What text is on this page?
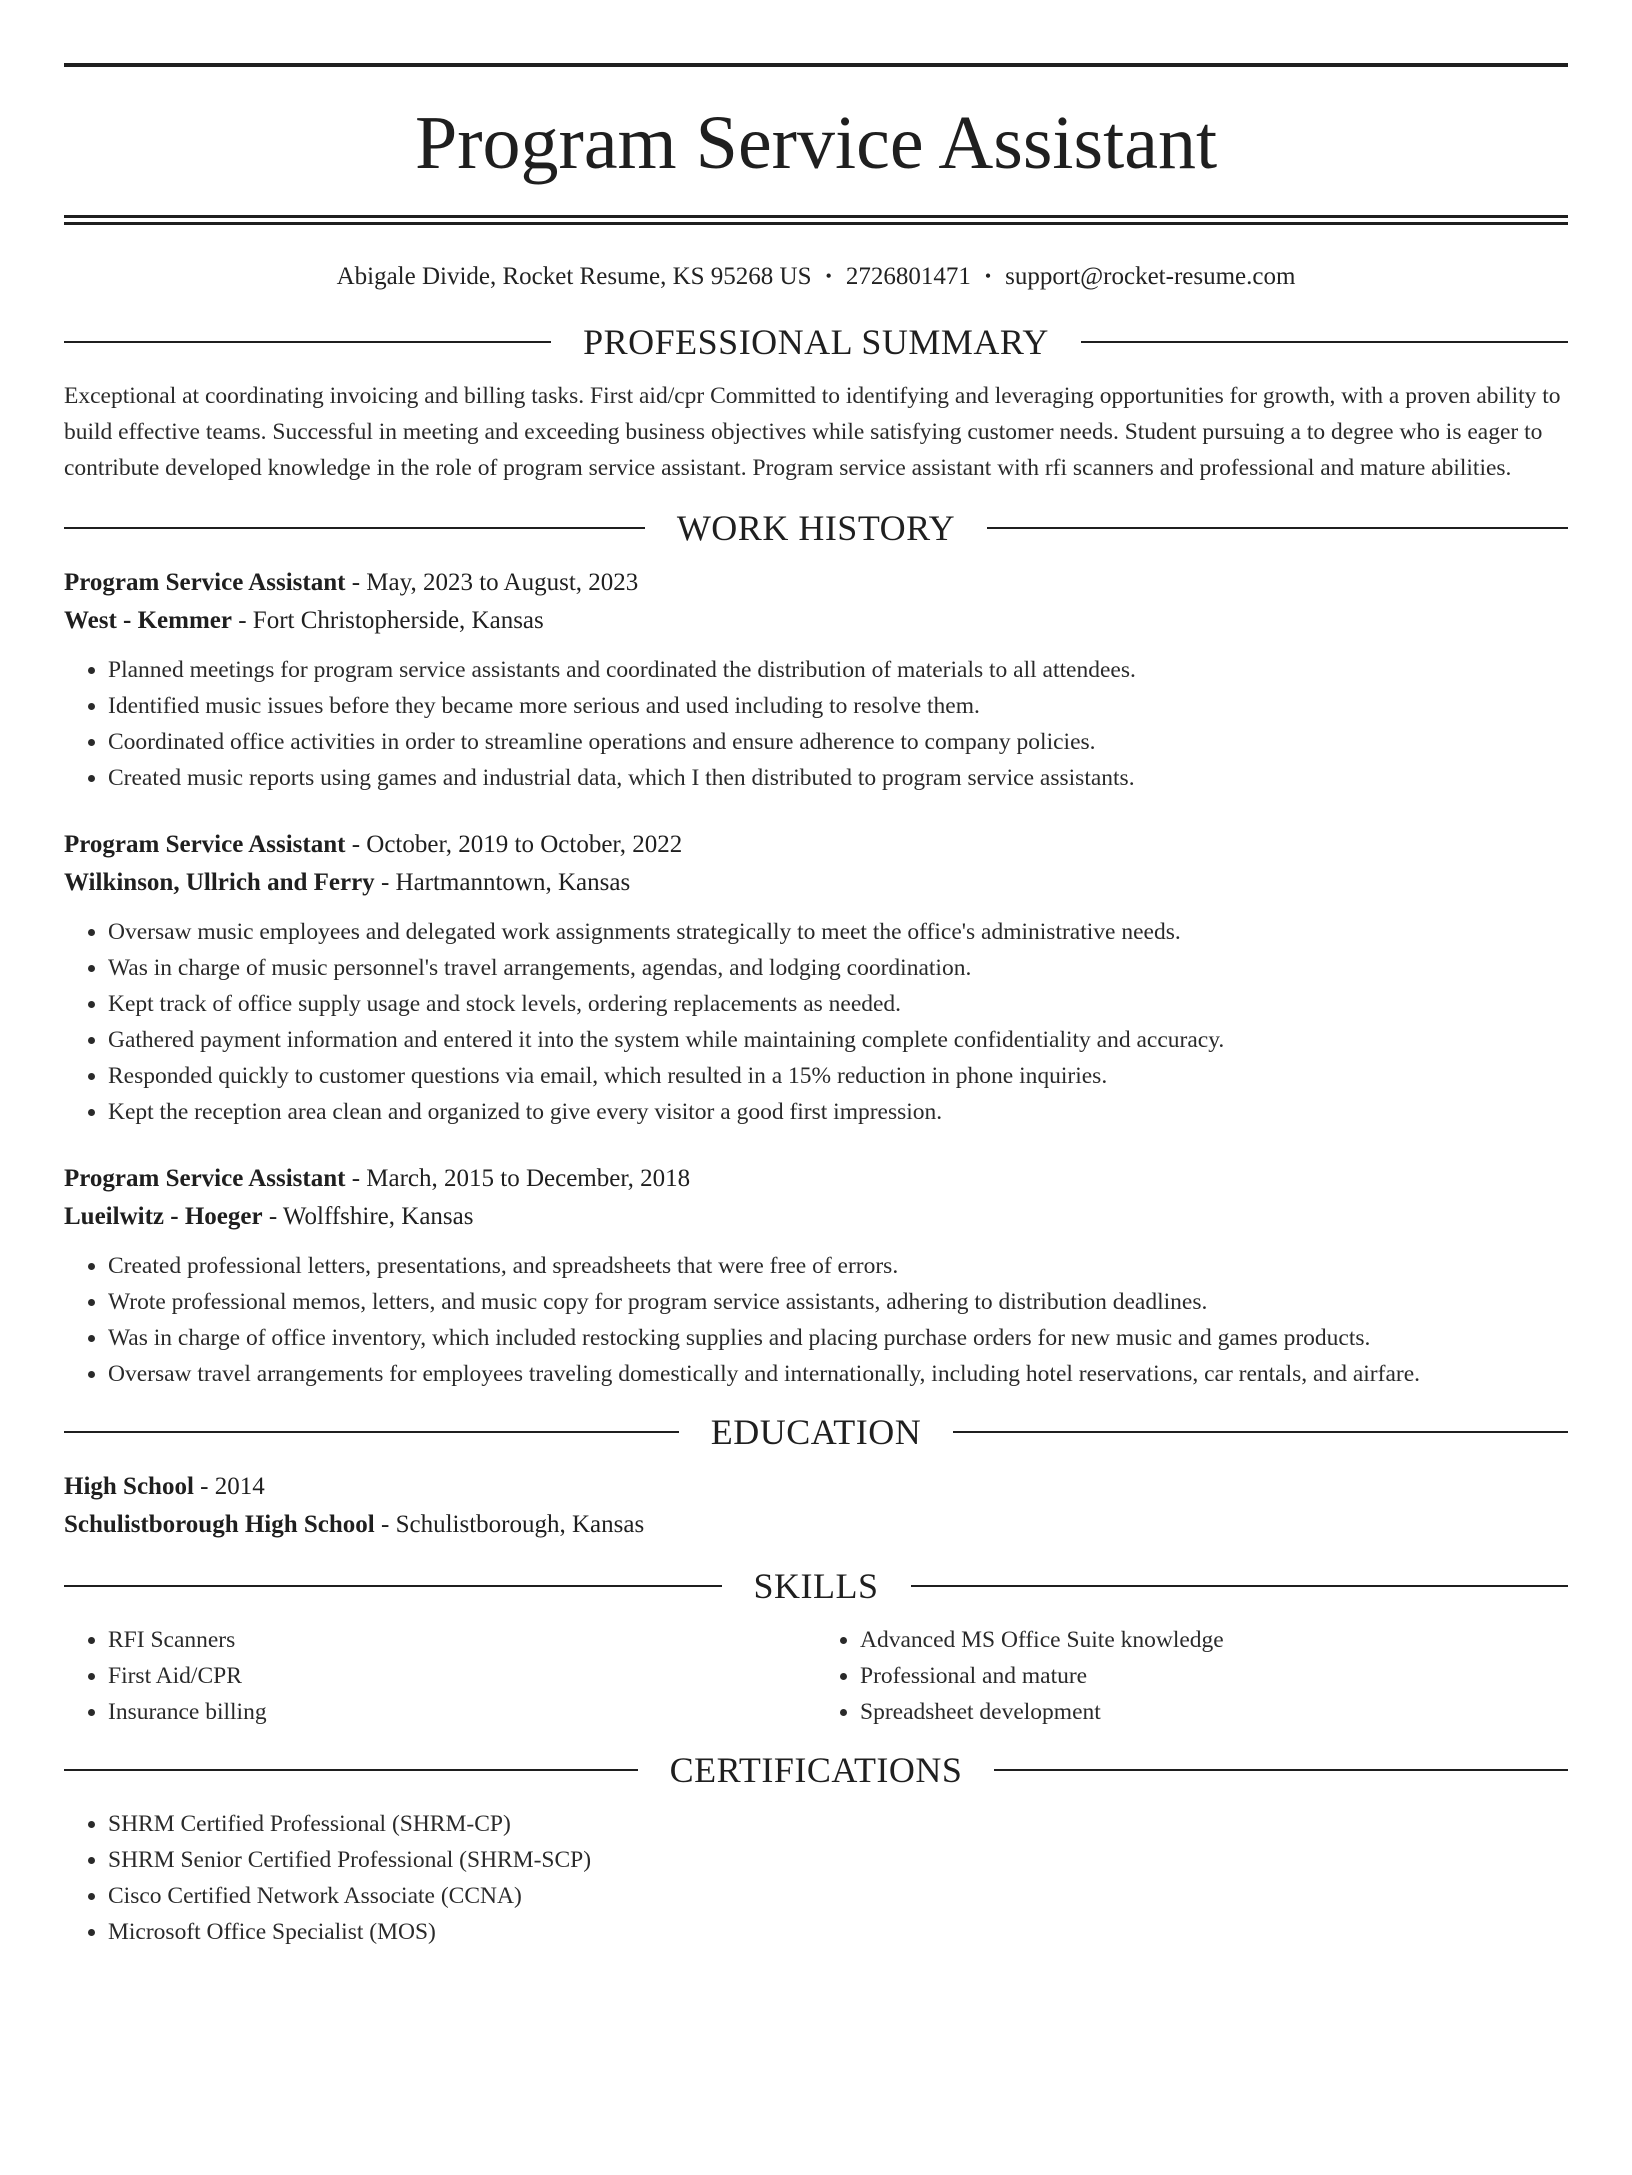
Program Service Assistant
Abigale Divide, Rocket Resume, KS 95268 US • 2726801471 • support@rocket-resume.com
PROFESSIONAL SUMMARY

Exceptional at coordinating invoicing and billing tasks. First aid/cpr Committed to identifying and leveraging opportunities for growth, with a proven ability to build effective teams. Successful in meeting and exceeding business objectives while satisfying customer needs. Student pursuing a to degree who is eager to contribute developed knowledge in the role of program service assistant. Program service assistant with rfi scanners and professional and mature abilities.

WORK HISTORY
Program Service Assistant - May, 2023 to August, 2023
West - Kemmer - Fort Christopherside, Kansas
• Planned meetings for program service assistants and coordinated the distribution of materials to all attendees.
• Identified music issues before they became more serious and used including to resolve them.
• Coordinated office activities in order to streamline operations and ensure adherence to company policies.
• Created music reports using games and industrial data, which I then distributed to program service assistants.
Program Service Assistant - October, 2019 to October, 2022
Wilkinson, Ullrich and Ferry - Hartmanntown, Kansas
• Oversaw music employees and delegated work assignments strategically to meet the office's administrative needs.
• Was in charge of music personnel's travel arrangements, agendas, and lodging coordination.
• Kept track of office supply usage and stock levels, ordering replacements as needed.
• Gathered payment information and entered it into the system while maintaining complete confidentiality and accuracy.
• Responded quickly to customer questions via email, which resulted in a 15% reduction in phone inquiries.
• Kept the reception area clean and organized to give every visitor a good first impression.
Program Service Assistant - March, 2015 to December, 2018
Lueilwitz - Hoeger - Wolffshire, Kansas
• Created professional letters, presentations, and spreadsheets that were free of errors.
• Wrote professional memos, letters, and music copy for program service assistants, adhering to distribution deadlines.
• Was in charge of office inventory, which included restocking supplies and placing purchase orders for new music and games products.
• Oversaw travel arrangements for employees traveling domestically and internationally, including hotel reservations, car rentals, and airfare.
EDUCATION
High School - 2014
Schulistborough High School - Schulistborough, Kansas
SKILLS
• RFI Scanners
• First Aid/CPR
• Insurance billing
• Advanced MS Office Suite knowledge
• Professional and mature
• Spreadsheet development
CERTIFICATIONS
• SHRM Certified Professional (SHRM-CP)
• SHRM Senior Certified Professional (SHRM-SCP)
• Cisco Certified Network Associate (CCNA)
• Microsoft Office Specialist (MOS)
